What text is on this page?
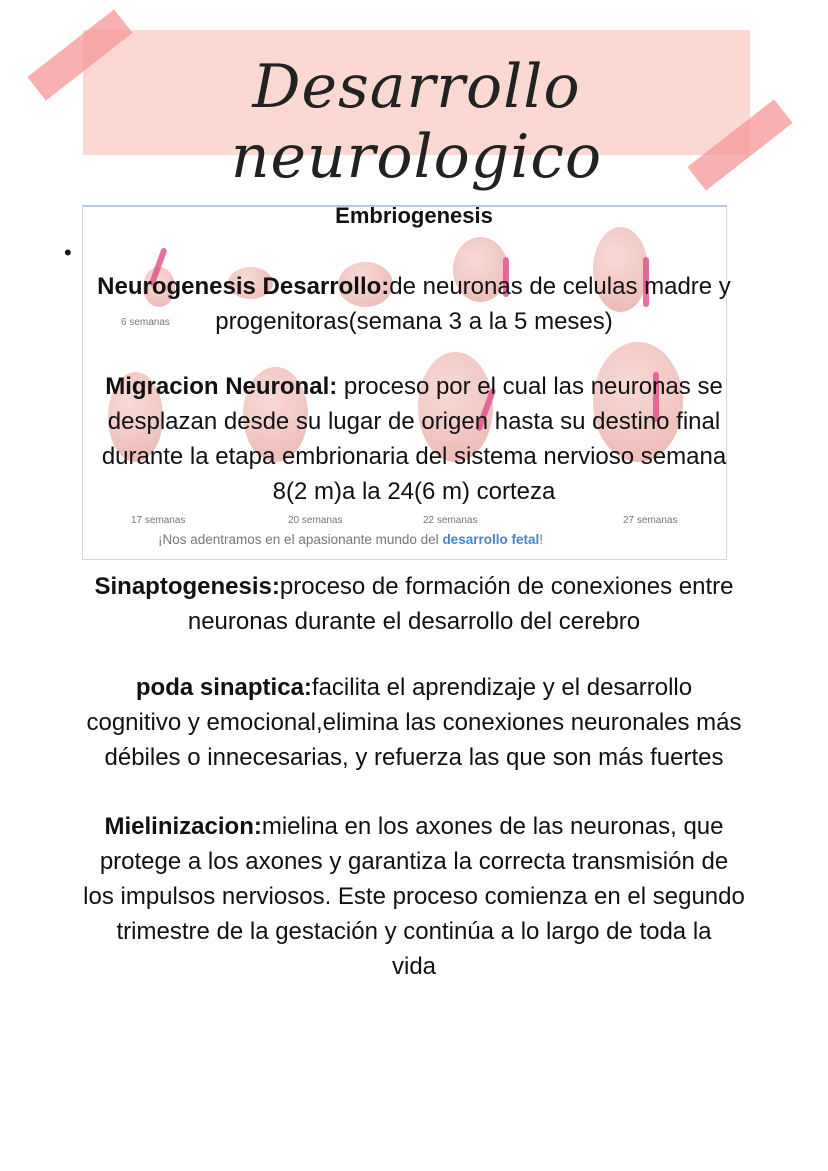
Desarrollo neurologico
6 semanas
17 semanas	20 semanas	22 semanas	27 semanas
¡Nos adentramos en el apasionante mundo del desarrollo fetal!
Embriogenesis
•
Neurogenesis Desarrollo:de neuronas de celulas madre y
progenitoras(semana 3 a la 5 meses)
Migracion Neuronal: proceso por el cual las neuronas se
desplazan desde su lugar de origen hasta su destino final
durante la etapa embrionaria del sistema nervioso semana
8(2 m)a la 24(6 m) corteza
Sinaptogenesis:proceso de formación de conexiones entre
neuronas durante el desarrollo del cerebro
poda sinaptica:facilita el aprendizaje y el desarrollo
cognitivo y emocional,elimina las conexiones neuronales más
débiles o innecesarias, y refuerza las que son más fuertes
Mielinizacion:mielina en los axones de las neuronas, que
protege a los axones y garantiza la correcta transmisión de
los impulsos nerviosos. Este proceso comienza en el segundo
trimestre de la gestación y continúa a lo largo de toda la
vida
